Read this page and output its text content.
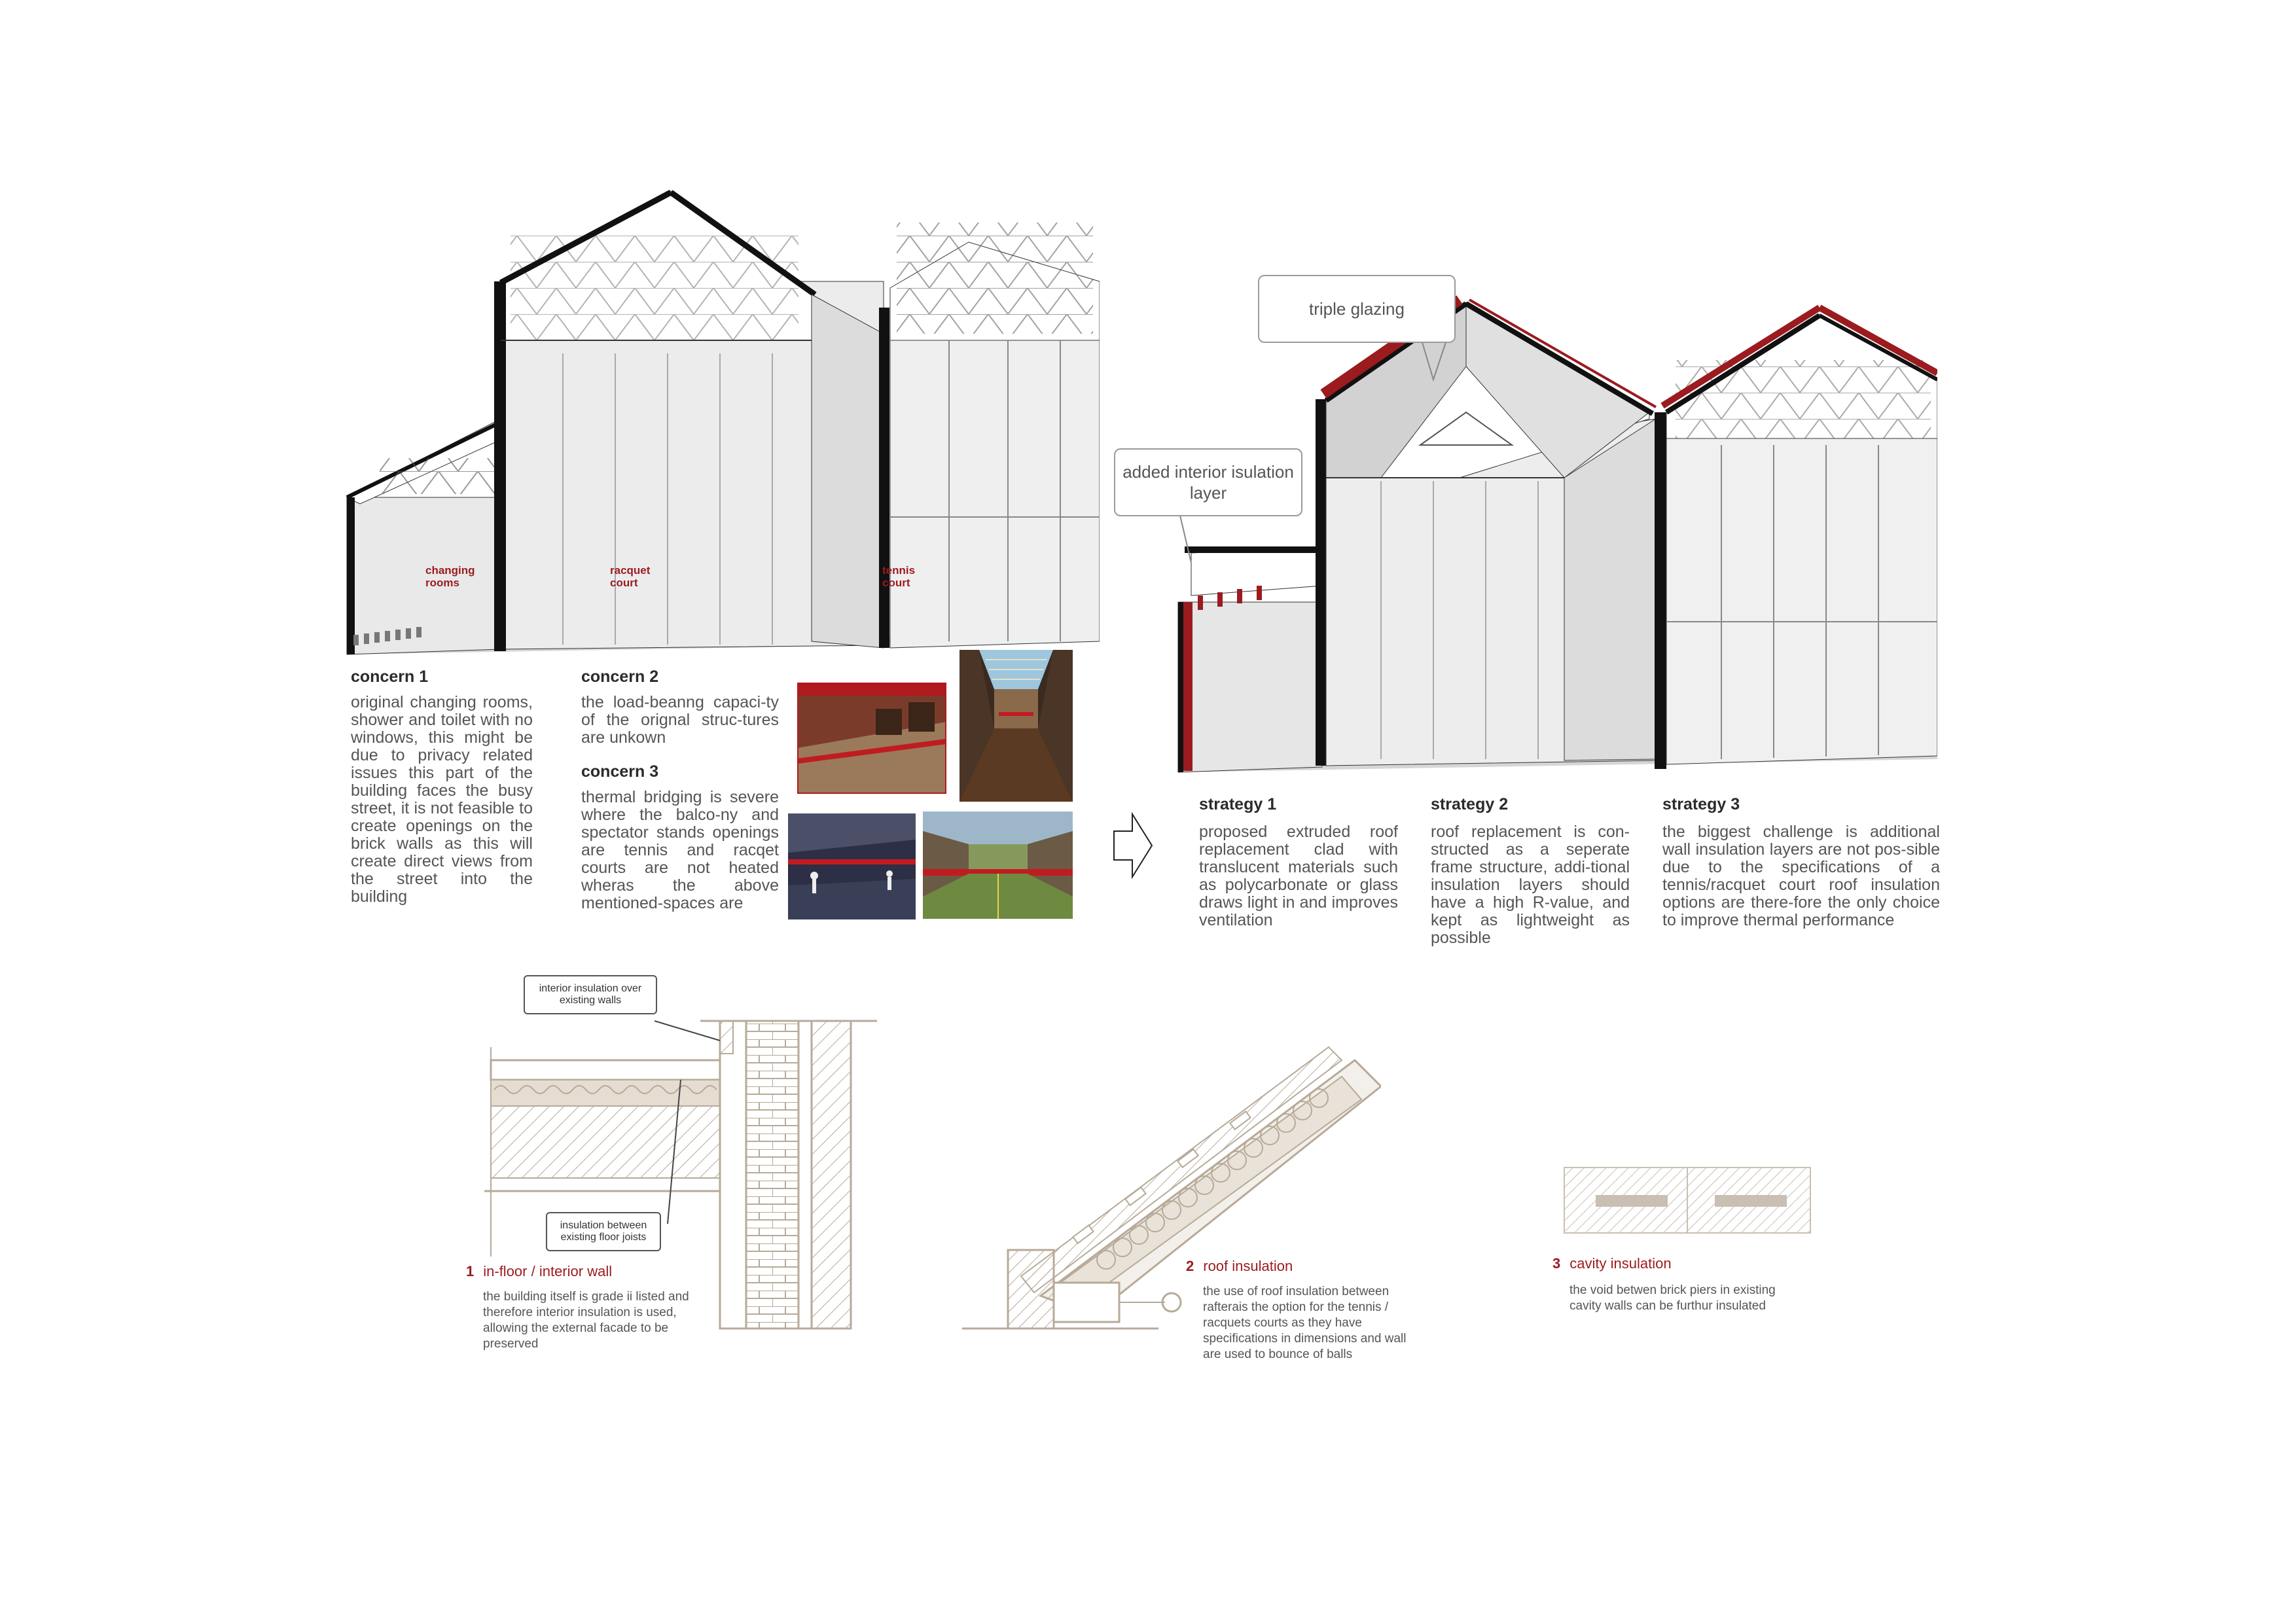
changing rooms
racquet court
tennis court
concern 1
original changing rooms, shower and toilet with no windows, this might be due to privacy related issues this part of the building faces the busy street, it is not feasible to create openings on the brick walls as this will create direct views from the street into the building
concern 2
the load-beanng capaci-ty of the orignal struc-tures are unkown
concern 3
thermal bridging is severe where the balco-ny and spectator stands openings are tennis and racqet courts are not heated wheras the above mentioned-spaces are
triple glazing
added interior isulation layer
strategy 1
proposed extruded roof replacement clad with translucent materials such as polycarbonate or glass draws light in and improves ventilation
strategy 2
roof replacement is con-structed as a seperate frame structure, addi-tional insulation layers should have a high R-value, and kept as lightweight as possible
strategy 3
the biggest challenge is additional wall insulation layers are not pos-sible due to the specifications of a tennis/racquet court roof insulation options are there-fore the only choice to improve thermal performance
interior insulation over existing walls
insulation between existing floor joists
1 in-floor / interior wall
the building itself is grade ii listed and therefore interior insulation is used, allowing the external facade to be preserved
2 roof insulation
the use of roof insulation between rafterais the option for the tennis / racquets courts as they have specifications in dimensions and wall are used to bounce of balls
3 cavity insulation
the void betwen brick piers in existing cavity walls can be furthur insulated
